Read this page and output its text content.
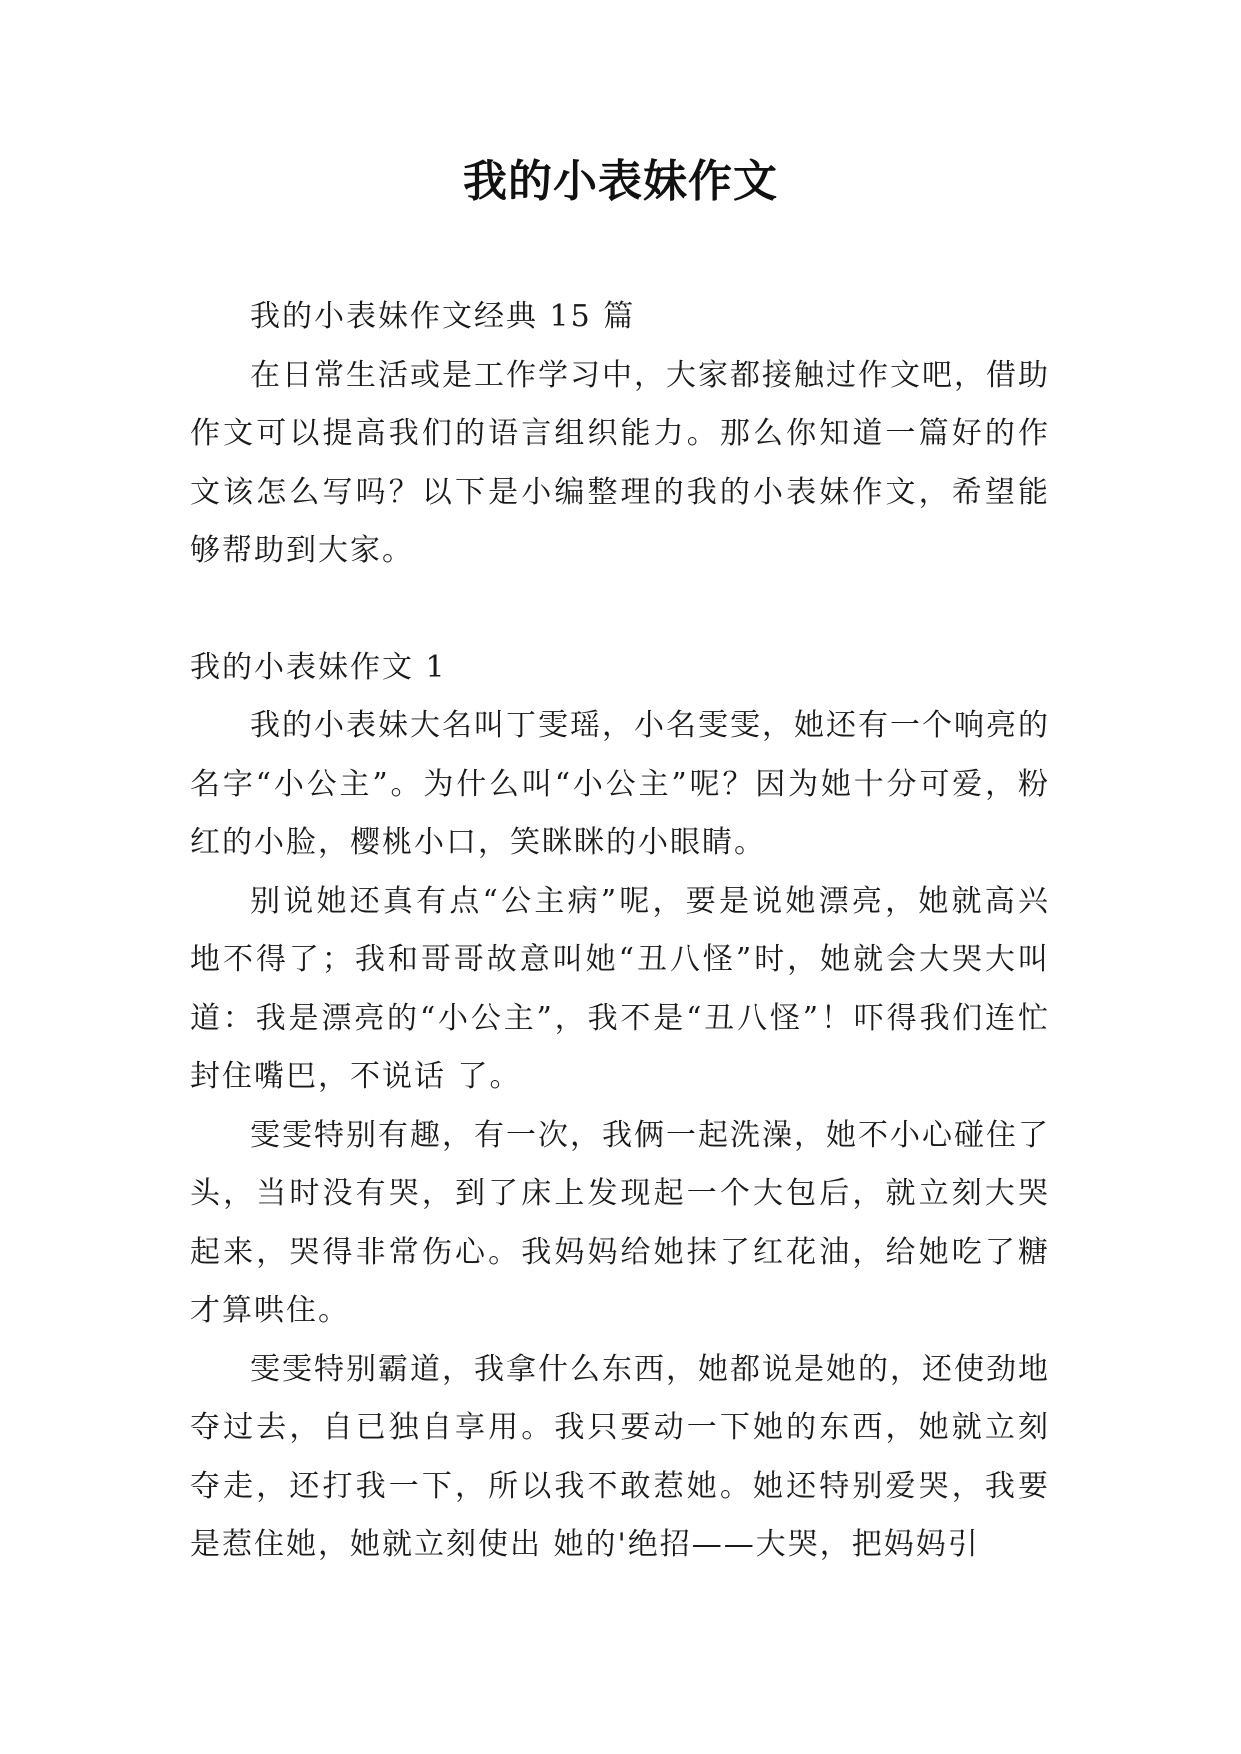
我的小表妹作文

我的小表妹作文经典 15 篇

在日常生活或是工作学习中，大家都接触过作文吧，借助作文可以提高我们的语言组织能力。那么你知道一篇好的作文该怎么写吗？以下是小编整理的我的小表妹作文，希望能够帮助到大家。

我的小表妹作文 1

我的小表妹大名叫丁雯瑶，小名雯雯，她还有一个响亮的名字“小公主”。为什么叫“小公主”呢？因为她十分可爱，粉红的小脸，樱桃小口，笑眯眯的小眼睛。

别说她还真有点“公主病”呢，要是说她漂亮，她就高兴地不得了；我和哥哥故意叫她“丑八怪”时，她就会大哭大叫道：我是漂亮的“小公主”，我不是“丑八怪”！吓得我们连忙封住嘴巴，不说话 了。

雯雯特别有趣，有一次，我俩一起洗澡，她不小心碰住了头，当时没有哭，到了床上发现起一个大包后，就立刻大哭起来，哭得非常伤心。我妈妈给她抹了红花油，给她吃了糖才算哄住。

雯雯特别霸道，我拿什么东西，她都说是她的，还使劲地夺过去，自已独自享用。我只要动一下她的东西，她就立刻夺走，还打我一下，所以我不敢惹她。她还特别爱哭，我要是惹住她，她就立刻使出 她的'绝招——大哭，把妈妈引
